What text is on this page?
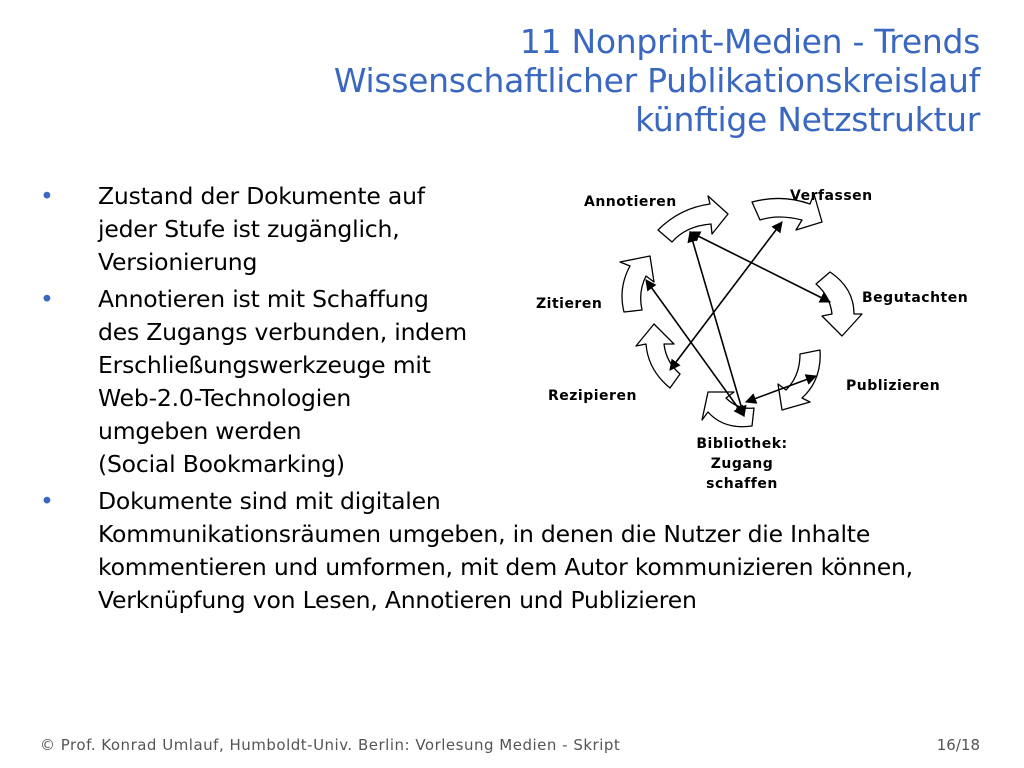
11 Nonprint-Medien - Trends
Wissenschaftlicher Publikationskreislauf
künftige Netzstruktur
• Zustand der Dokumente auf
jeder Stufe ist zugänglich,
Versionierung
• Annotieren ist mit Schaffung
des Zugangs verbunden, indem
Erschließungswerkzeuge mit
Web-2.0-Technologien
umgeben werden
(Social Bookmarking)
• Dokumente sind mit digitalen
Kommunikationsräumen umgeben, in denen die Nutzer die Inhalte
kommentieren und umformen, mit dem Autor kommunizieren können,
Verknüpfung von Lesen, Annotieren und Publizieren
Annotieren	Verfassen
Begutachten
Publizieren
Zitieren
Rezipieren
Bibliothek:
Zugang
schaffen
© Prof. Konrad Umlauf, Humboldt-Univ. Berlin: Vorlesung Medien - Skript	16/18
